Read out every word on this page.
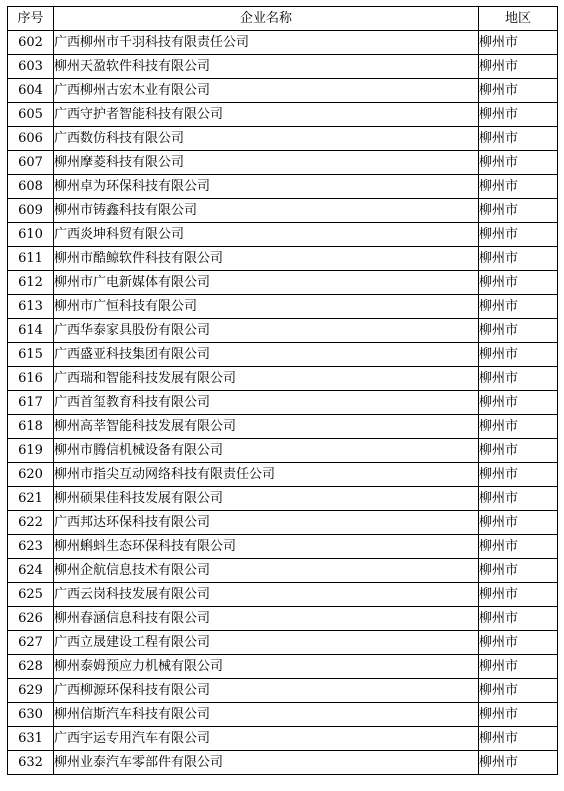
序号	企业名称	地区
602	广西柳州市千羽科技有限责任公司	柳州市
603	柳州天盈软件科技有限公司	柳州市
604	广西柳州古宏木业有限公司	柳州市
605	广西守护者智能科技有限公司	柳州市
606	广西数仿科技有限公司	柳州市
607	柳州摩菱科技有限公司	柳州市
608	柳州卓为环保科技有限公司	柳州市
609	柳州市铸鑫科技有限公司	柳州市
610	广西炎坤科贸有限公司	柳州市
611	柳州市酷鲸软件科技有限公司	柳州市
612	柳州市广电新媒体有限公司	柳州市
613	柳州市广恒科技有限公司	柳州市
614	广西华泰家具股份有限公司	柳州市
615	广西盛亚科技集团有限公司	柳州市
616	广西瑞和智能科技发展有限公司	柳州市
617	广西首玺教育科技有限公司	柳州市
618	柳州高莘智能科技发展有限公司	柳州市
619	柳州市腾信机械设备有限公司	柳州市
620	柳州市指尖互动网络科技有限责任公司	柳州市
621	柳州硕果佳科技发展有限公司	柳州市
622	广西邦达环保科技有限公司	柳州市
623	柳州蝌蚪生态环保科技有限公司	柳州市
624	柳州企航信息技术有限公司	柳州市
625	广西云岗科技发展有限公司	柳州市
626	柳州春涵信息科技有限公司	柳州市
627	广西立晟建设工程有限公司	柳州市
628	柳州泰姆预应力机械有限公司	柳州市
629	广西柳源环保科技有限公司	柳州市
630	柳州信斯汽车科技有限公司	柳州市
631	广西宇运专用汽车有限公司	柳州市
632	柳州业泰汽车零部件有限公司	柳州市
